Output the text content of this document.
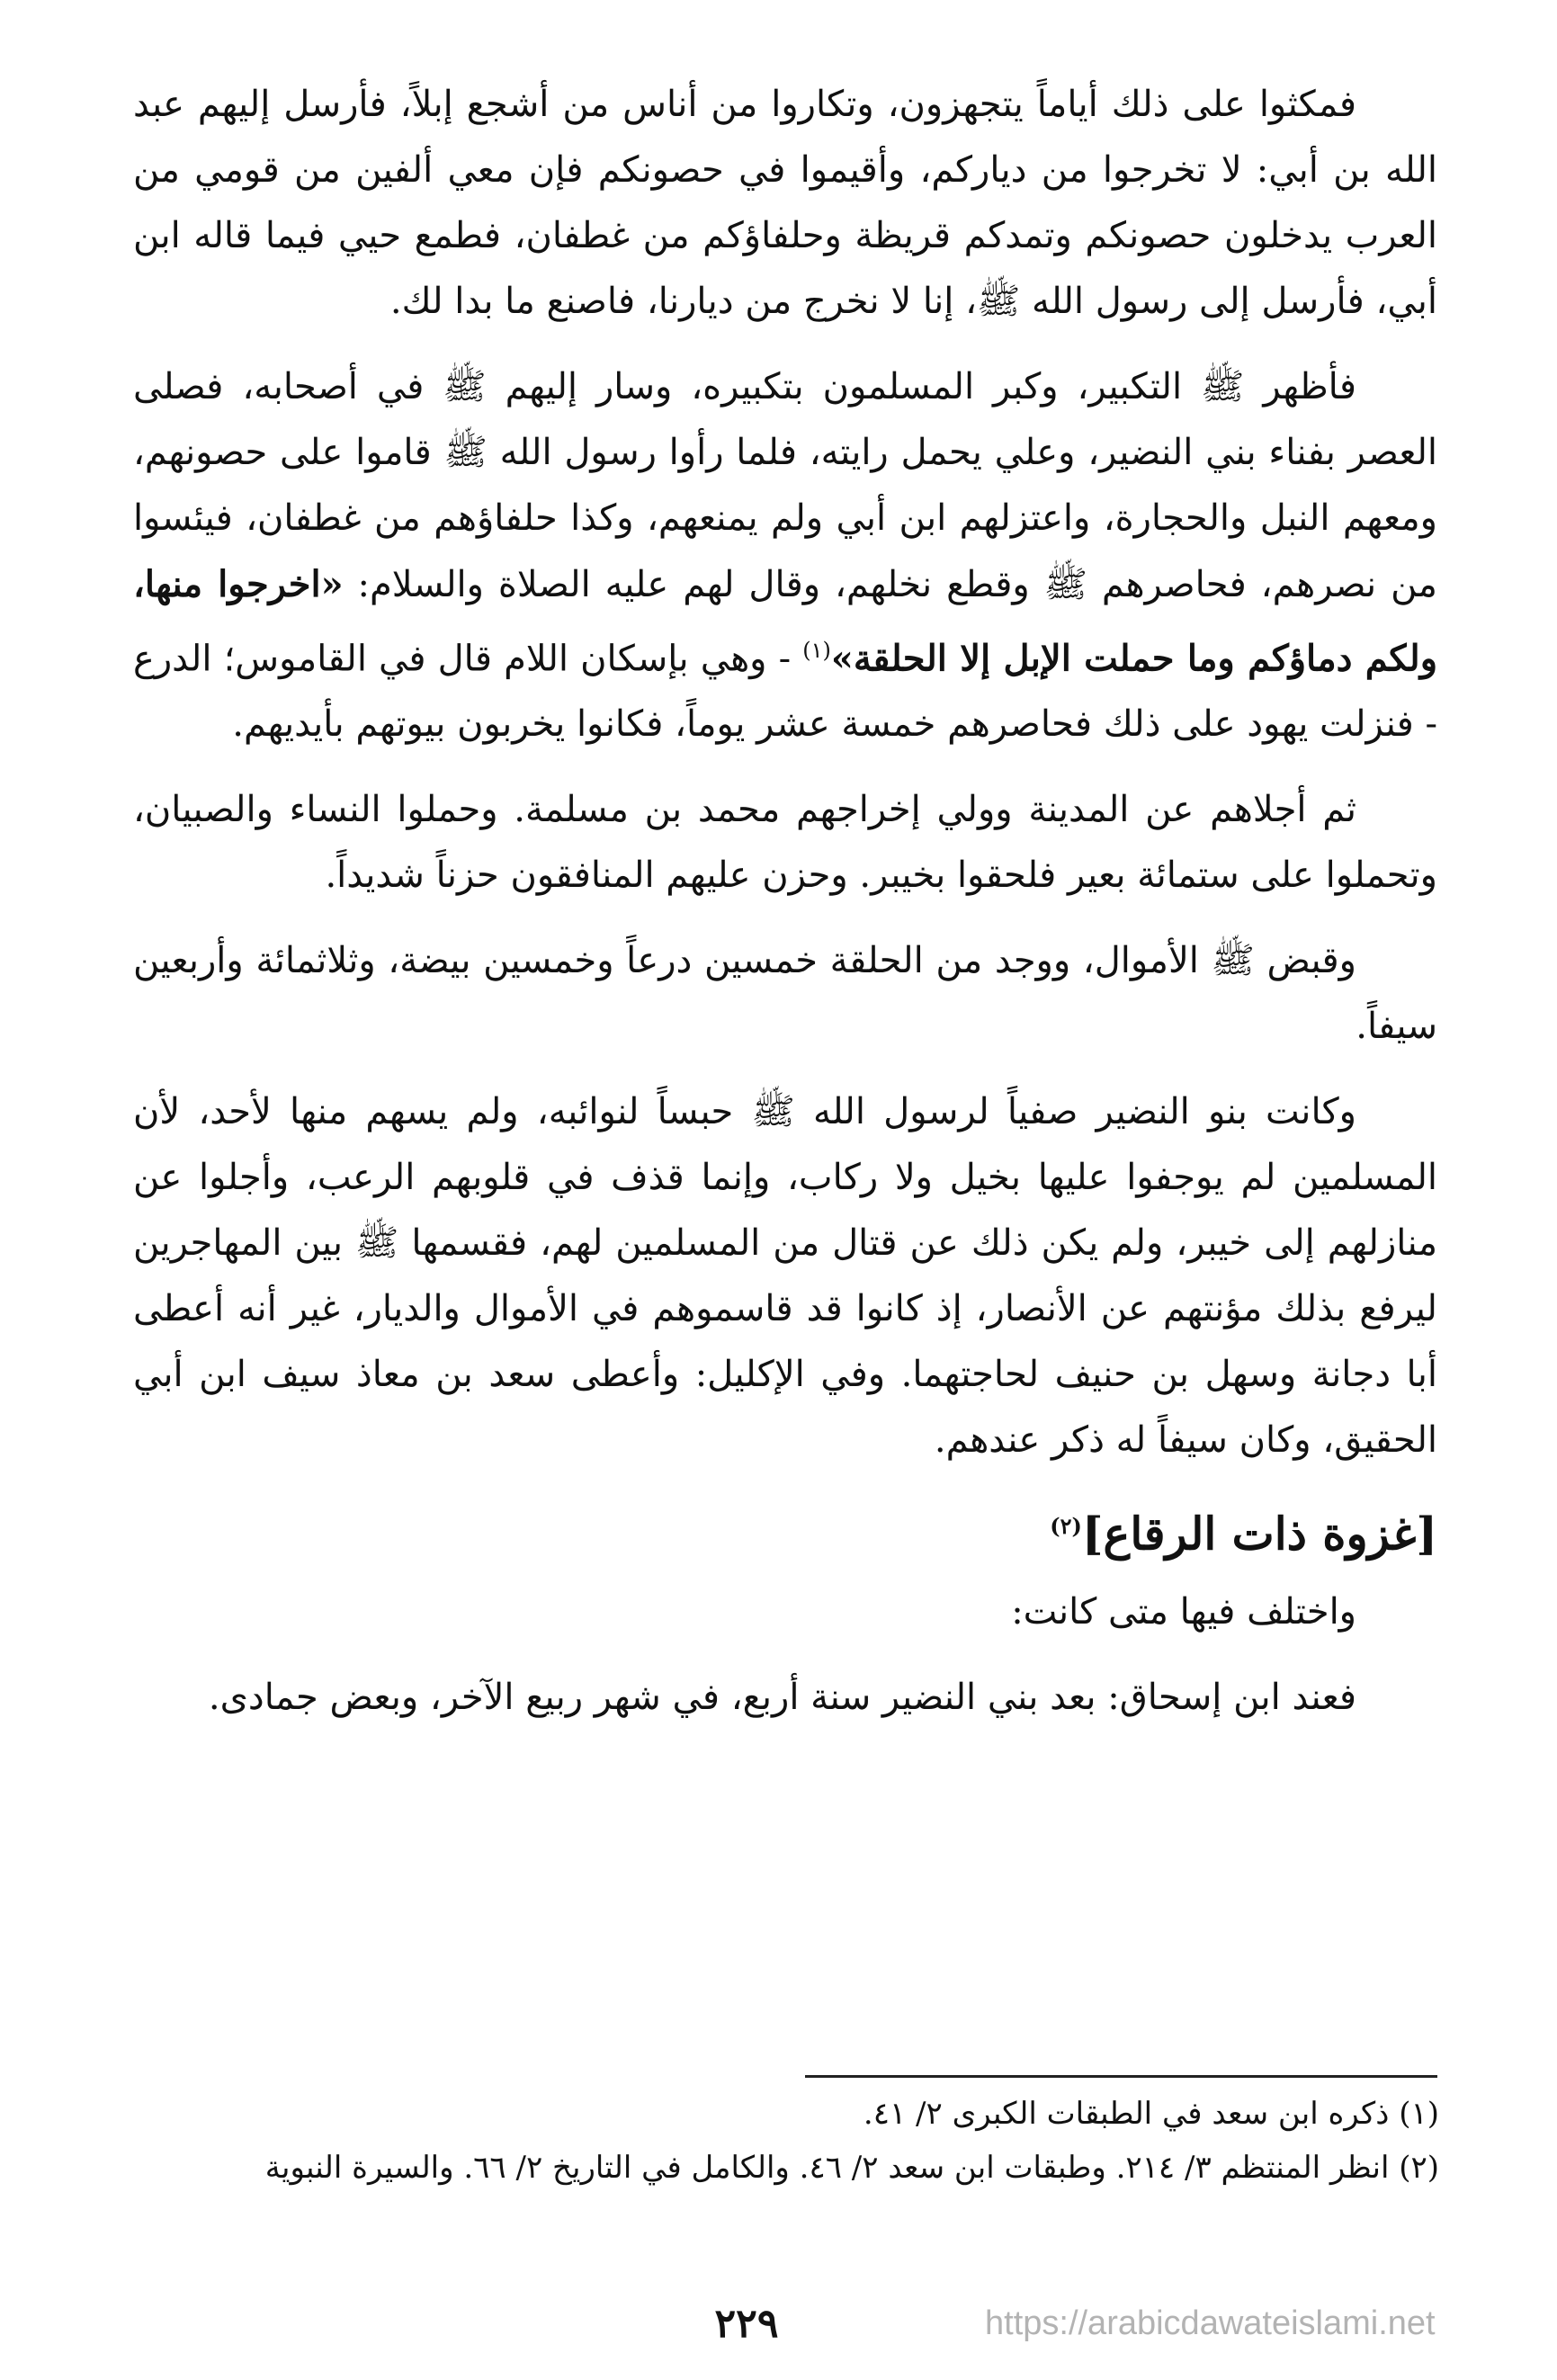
فمكثوا على ذلك أياماً يتجهزون، وتكاروا من أناس من أشجع إبلاً، فأرسل إليهم عبد الله بن أبي: لا تخرجوا من دياركم، وأقيموا في حصونكم فإن معي ألفين من قومي من العرب يدخلون حصونكم وتمدكم قريظة وحلفاؤكم من غطفان، فطمع حيي فيما قاله ابن أبي، فأرسل إلى رسول الله ﷺ، إنا لا نخرج من ديارنا، فاصنع ما بدا لك.

فأظهر ﷺ التكبير، وكبر المسلمون بتكبيره، وسار إليهم ﷺ في أصحابه، فصلى العصر بفناء بني النضير، وعلي يحمل رايته، فلما رأوا رسول الله ﷺ قاموا على حصونهم، ومعهم النبل والحجارة، واعتزلهم ابن أبي ولم يمنعهم، وكذا حلفاؤهم من غطفان، فيئسوا من نصرهم، فحاصرهم ﷺ وقطع نخلهم، وقال لهم عليه الصلاة والسلام: «اخرجوا منها، ولكم دماؤكم وما حملت الإبل إلا الحلقة»$^{(١)}$ - وهي بإسكان اللام قال في القاموس؛ الدرع - فنزلت يهود على ذلك فحاصرهم خمسة عشر يوماً، فكانوا يخربون بيوتهم بأيديهم.

ثم أجلاهم عن المدينة وولي إخراجهم محمد بن مسلمة. وحملوا النساء والصبيان، وتحملوا على ستمائة بعير فلحقوا بخيبر. وحزن عليهم المنافقون حزناً شديداً.

وقبض ﷺ الأموال، ووجد من الحلقة خمسين درعاً وخمسين بيضة، وثلاثمائة وأربعين سيفاً.

وكانت بنو النضير صفياً لرسول الله ﷺ حبساً لنوائبه، ولم يسهم منها لأحد، لأن المسلمين لم يوجفوا عليها بخيل ولا ركاب، وإنما قذف في قلوبهم الرعب، وأجلوا عن منازلهم إلى خيبر، ولم يكن ذلك عن قتال من المسلمين لهم، فقسمها ﷺ بين المهاجرين ليرفع بذلك مؤنتهم عن الأنصار، إذ كانوا قد قاسموهم في الأموال والديار، غير أنه أعطى أبا دجانة وسهل بن حنيف لحاجتهما. وفي الإكليل: وأعطى سعد بن معاذ سيف ابن أبي الحقيق، وكان سيفاً له ذكر عندهم.

[غزوة ذات الرقاع]$^{(٢)}$

واختلف فيها متى كانت:

فعند ابن إسحاق: بعد بني النضير سنة أربع، في شهر ربيع الآخر، وبعض جمادى.

(١) ذكره ابن سعد في الطبقات الكبرى ٢/ ٤١.

(٢) انظر المنتظم ٣/ ٢١٤. وطبقات ابن سعد ٢/ ٤٦. والكامل في التاريخ ٢/ ٦٦. والسيرة النبوية

٢٢٩	https://arabicdawateislami.net
